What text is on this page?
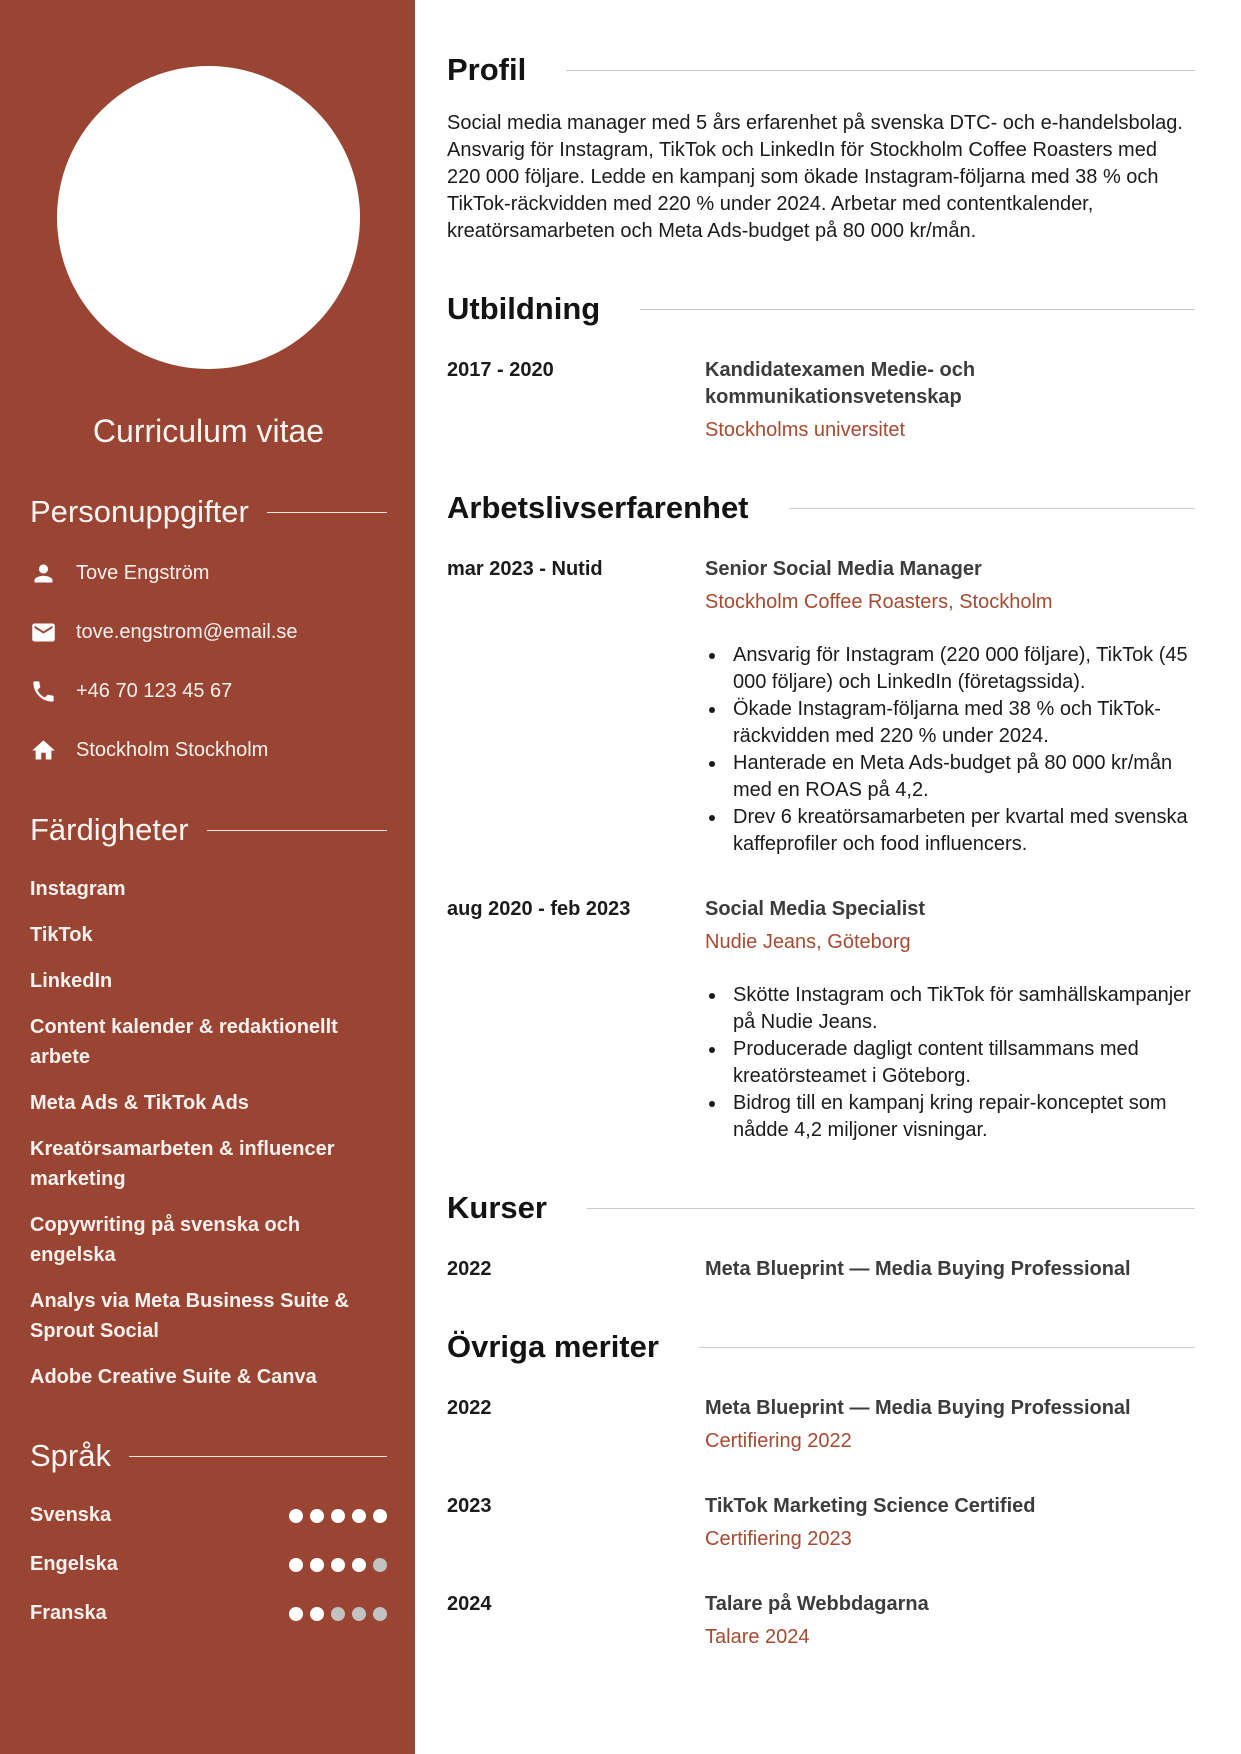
Curriculum vitae
Personuppgifter
Tove Engström
tove.engstrom@email.se
+46 70 123 45 67
Stockholm Stockholm
Färdigheter
Instagram
TikTok
LinkedIn
Content kalender & redaktionellt arbete
Meta Ads & TikTok Ads
Kreatörsamarbeten & influencer marketing
Copywriting på svenska och engelska
Analys via Meta Business Suite & Sprout Social
Adobe Creative Suite & Canva
Språk
Svenska
Engelska
Franska
Profil
Social media manager med 5 års erfarenhet på svenska DTC- och e-handelsbolag. Ansvarig för Instagram, TikTok och LinkedIn för Stockholm Coffee Roasters med 220 000 följare. Ledde en kampanj som ökade Instagram-följarna med 38 % och TikTok-räckvidden med 220 % under 2024. Arbetar med contentkalender, kreatörsamarbeten och Meta Ads-budget på 80 000 kr/mån.
Utbildning
2017 - 2020	Kandidatexamen Medie- och kommunikationsvetenskap
Stockholms universitet
Arbetslivserfarenhet
mar 2023 - Nutid	Senior Social Media Manager
Stockholm Coffee Roasters, Stockholm
• Ansvarig för Instagram (220 000 följare), TikTok (45 000 följare) och LinkedIn (företagssida).
• Ökade Instagram-följarna med 38 % och TikTok-räckvidden med 220 % under 2024.
• Hanterade en Meta Ads-budget på 80 000 kr/mån med en ROAS på 4,2.
• Drev 6 kreatörsamarbeten per kvartal med svenska kaffeprofiler och food influencers.
aug 2020 - feb 2023	Social Media Specialist
Nudie Jeans, Göteborg
• Skötte Instagram och TikTok för samhällskampanjer på Nudie Jeans.
• Producerade dagligt content tillsammans med kreatörsteamet i Göteborg.
• Bidrog till en kampanj kring repair-konceptet som nådde 4,2 miljoner visningar.
Kurser
2022	Meta Blueprint — Media Buying Professional
Övriga meriter
2022	Meta Blueprint — Media Buying Professional
Certifiering 2022
2023	TikTok Marketing Science Certified
Certifiering 2023
2024	Talare på Webbdagarna
Talare 2024
